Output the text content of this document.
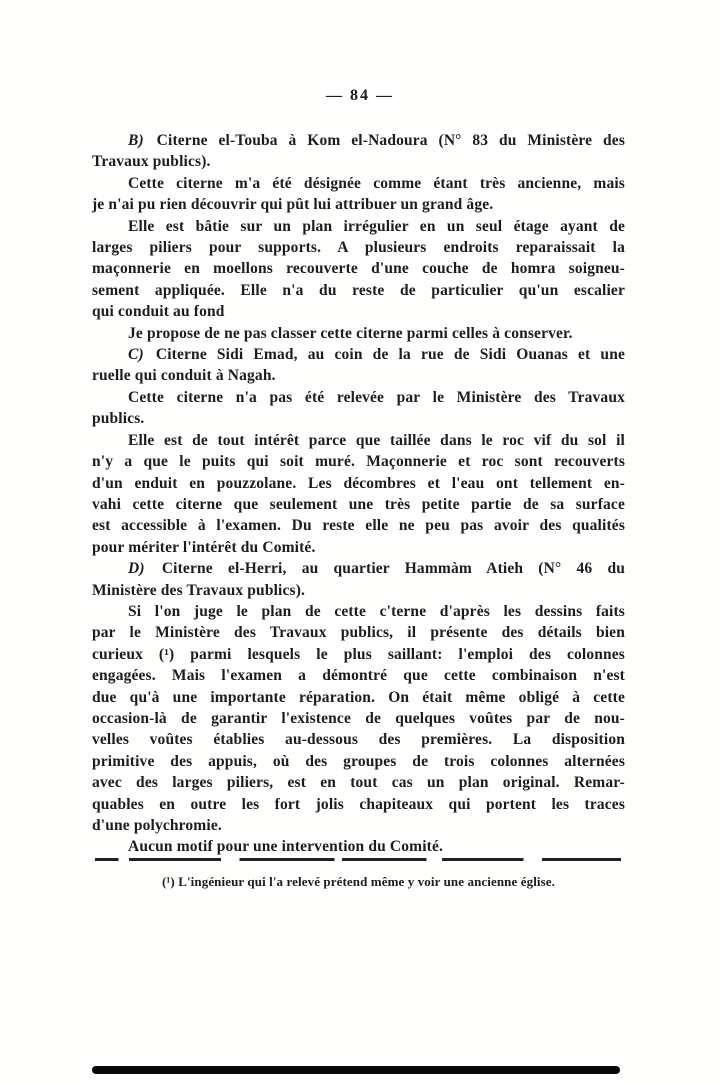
— 84 —
B) Citerne el-Touba à Kom el-Nadoura (N° 83 du Ministère des
Travaux publics).
Cette citerne m'a été désignée comme étant très ancienne, mais
je n'ai pu rien découvrir qui pût lui attribuer un grand âge.
Elle est bâtie sur un plan irrégulier en un seul étage ayant de
larges piliers pour supports. A plusieurs endroits reparaissait la
maçonnerie en moellons recouverte d'une couche de homra soigneu-
sement appliquée. Elle n'a du reste de particulier qu'un escalier
qui conduit au fond
Je propose de ne pas classer cette citerne parmi celles à conserver.
C) Citerne Sidi Emad, au coin de la rue de Sidi Ouanas et une
ruelle qui conduit à Nagah.
Cette citerne n'a pas été relevée par le Ministère des Travaux
publics.
Elle est de tout intérêt parce que taillée dans le roc vif du sol il
n'y a que le puits qui soit muré. Maçonnerie et roc sont recouverts
d'un enduit en pouzzolane. Les décombres et l'eau ont tellement en-
vahi cette citerne que seulement une très petite partie de sa surface
est accessible à l'examen. Du reste elle ne peu pas avoir des qualités
pour mériter l'intérêt du Comité.
D) Citerne el-Herri, au quartier Hammàm Atieh (N° 46 du
Ministère des Travaux publics).
Si l'on juge le plan de cette c'terne d'après les dessins faits
par le Ministère des Travaux publics, il présente des détails bien
curieux (¹) parmi lesquels le plus saillant: l'emploi des colonnes
engagées. Mais l'examen a démontré que cette combinaison n'est
due qu'à une importante réparation. On était même obligé à cette
occasion-là de garantir l'existence de quelques voûtes par de nou-
velles voûtes établies au-dessous des premières. La disposition
primitive des appuis, où des groupes de trois colonnes alternées
avec des larges piliers, est en tout cas un plan original. Remar-
quables en outre les fort jolis chapiteaux qui portent les traces
d'une polychromie.
Aucun motif pour une intervention du Comité.
(¹) L'ingénieur qui l'a relevé prétend même y voir une ancienne église.
